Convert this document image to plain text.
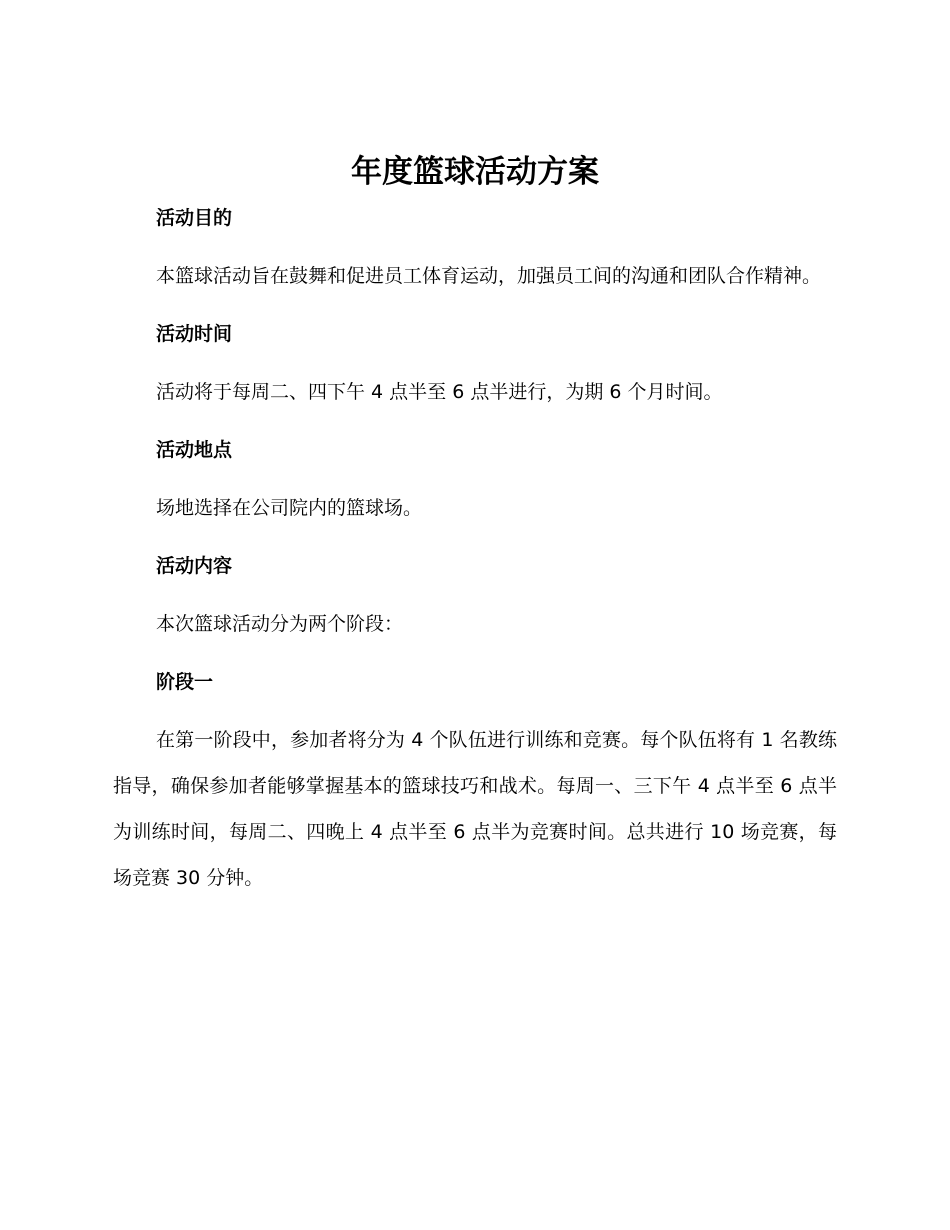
年度篮球活动方案
活动目的

本篮球活动旨在鼓舞和促进员工体育运动，加强员工间的沟通和团队合作精神。

活动时间

活动将于每周二、四下午 4 点半至 6 点半进行，为期 6 个月时间。

活动地点

场地选择在公司院内的篮球场。

活动内容

本次篮球活动分为两个阶段：

阶段一

在第一阶段中，参加者将分为 4 个队伍进行训练和竞赛。每个队伍将有 1 名教练指导，确保参加者能够掌握基本的篮球技巧和战术。每周一、三下午 4 点半至 6 点半为训练时间，每周二、四晚上 4 点半至 6 点半为竞赛时间。总共进行 10 场竞赛，每场竞赛 30 分钟。
